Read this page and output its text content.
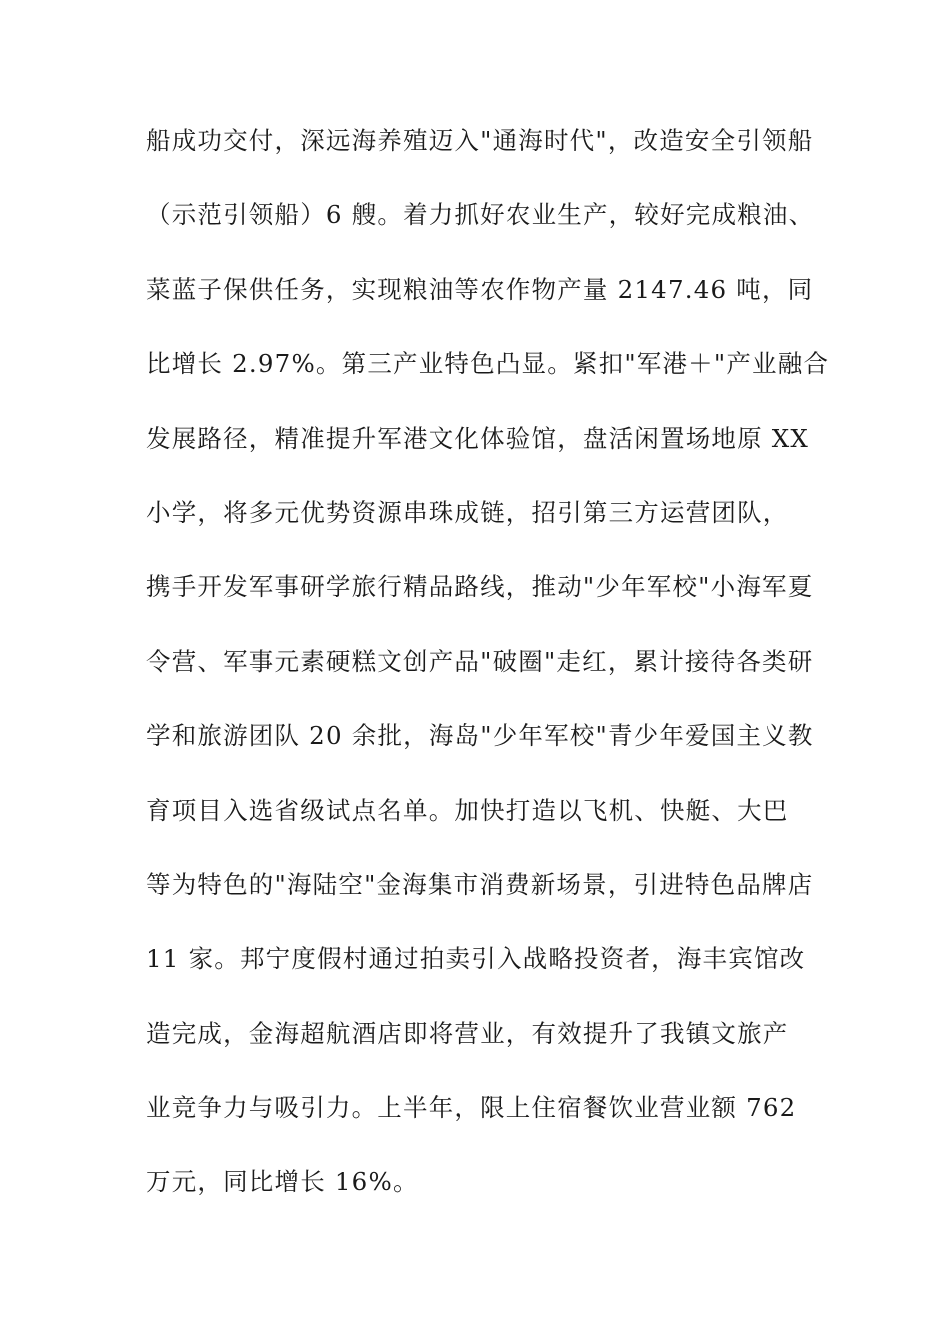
船成功交付，深远海养殖迈入"通海时代"，改造安全引领船
（示范引领船）6 艘。着力抓好农业生产，较好完成粮油、
菜蓝子保供任务，实现粮油等农作物产量 2147.46 吨，同
比增长 2.97%。第三产业特色凸显。紧扣"军港＋"产业融合
发展路径，精准提升军港文化体验馆，盘活闲置场地原 XX
小学，将多元优势资源串珠成链，招引第三方运营团队，
携手开发军事研学旅行精品路线，推动"少年军校"小海军夏
令营、军事元素硬糕文创产品"破圈"走红，累计接待各类研
学和旅游团队 20 余批，海岛"少年军校"青少年爱国主义教
育项目入选省级试点名单。加快打造以飞机、快艇、大巴
等为特色的"海陆空"金海集市消费新场景，引进特色品牌店
11 家。邦宁度假村通过拍卖引入战略投资者，海丰宾馆改
造完成，金海超航酒店即将营业，有效提升了我镇文旅产
业竞争力与吸引力。上半年，限上住宿餐饮业营业额 762
万元，同比增长 16%。
